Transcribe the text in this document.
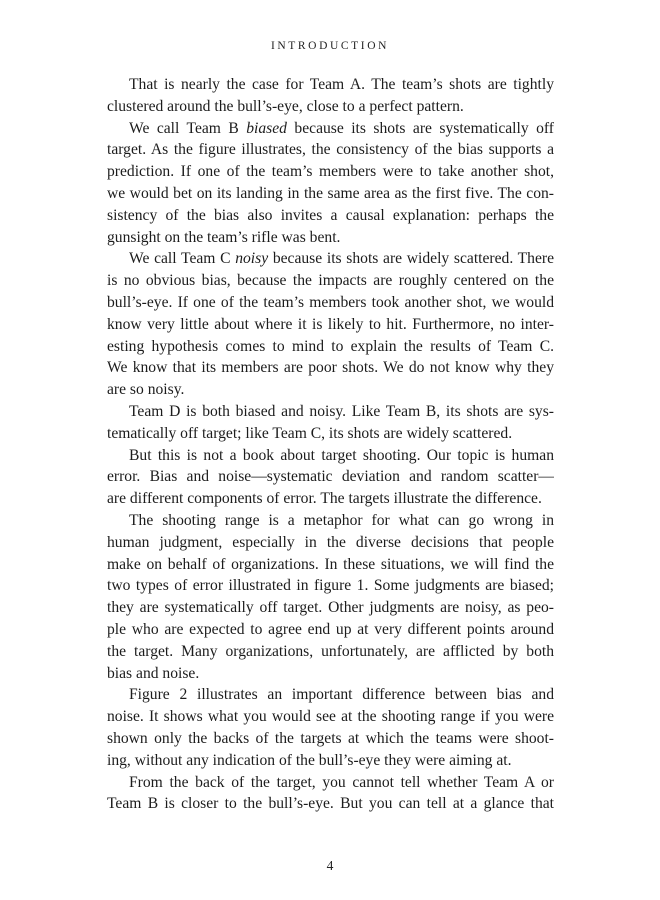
INTRODUCTION
That is nearly the case for Team A. The team’s shots are tightly
clustered around the bull’s-eye, close to a perfect pattern.
We call Team B biased because its shots are systematically off
target. As the figure illustrates, the consistency of the bias supports a
prediction. If one of the team’s members were to take another shot,
we would bet on its landing in the same area as the first five. The con-
sistency of the bias also invites a causal explanation: perhaps the
gunsight on the team’s rifle was bent.
We call Team C noisy because its shots are widely scattered. There
is no obvious bias, because the impacts are roughly centered on the
bull’s-eye. If one of the team’s members took another shot, we would
know very little about where it is likely to hit. Furthermore, no inter-
esting hypothesis comes to mind to explain the results of Team C.
We know that its members are poor shots. We do not know why they
are so noisy.
Team D is both biased and noisy. Like Team B, its shots are sys-
tematically off target; like Team C, its shots are widely scattered.
But this is not a book about target shooting. Our topic is human
error. Bias and noise—systematic deviation and random scatter—
are different components of error. The targets illustrate the difference.
The shooting range is a metaphor for what can go wrong in
human judgment, especially in the diverse decisions that people
make on behalf of organizations. In these situations, we will find the
two types of error illustrated in figure 1. Some judgments are biased;
they are systematically off target. Other judgments are noisy, as peo-
ple who are expected to agree end up at very different points around
the target. Many organizations, unfortunately, are afflicted by both
bias and noise.
Figure 2 illustrates an important difference between bias and
noise. It shows what you would see at the shooting range if you were
shown only the backs of the targets at which the teams were shoot-
ing, without any indication of the bull’s-eye they were aiming at.
From the back of the target, you cannot tell whether Team A or
Team B is closer to the bull’s-eye. But you can tell at a glance that
4
